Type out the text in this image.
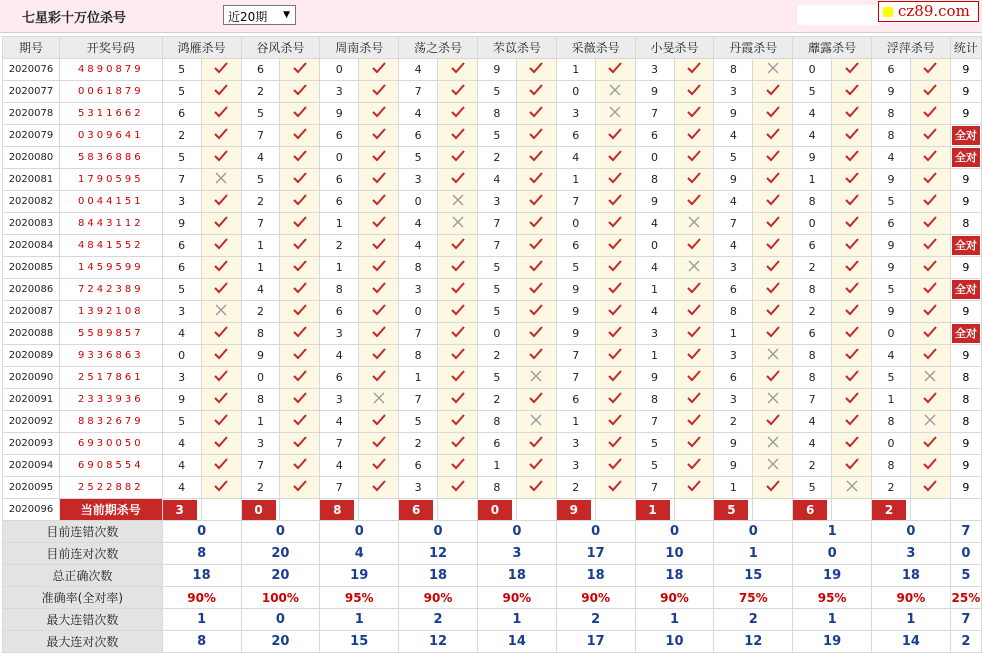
七星彩十万位杀号	近20期 ▼	cz89.com
期号	开奖号码	鸿雁杀号		谷风杀号		周南杀号		荡之杀号		芣苡杀号		采薇杀号		小旻杀号		丹霞杀号		蘼露杀号		浮萍杀号		统计
2020076	4890879	5		6		0		4		9		1		3		8		0		6		9
2020077	0061879	5		2		3		7		5		0		9		3		5		9		9
2020078	5311662	6		5		9		4		8		3		7		9		4		8		9
2020079	0309641	2		7		6		6		5		6		6		4		4		8		全对
2020080	5836886	5		4		0		5		2		4		0		5		9		4		全对
2020081	1790595	7		5		6		3		4		1		8		9		1		9		9
2020082	0044151	3		2		6		0		3		7		9		4		8		5		9
2020083	8443112	9		7		1		4		7		0		4		7		0		6		8
2020084	4841552	6		1		2		4		7		6		0		4		6		9		全对
2020085	1459599	6		1		1		8		5		5		4		3		2		9		9
2020086	7242389	5		4		8		3		5		9		1		6		8		5		全对
2020087	1392108	3		2		6		0		5		9		4		8		2		9		9
2020088	5589857	4		8		3		7		0		9		3		1		6		0		全对
2020089	9336863	0		9		4		8		2		7		1		3		8		4		9
2020090	2517861	3		0		6		1		5		7		9		6		8		5		8
2020091	2333936	9		8		3		7		2		6		8		3		7		1		8
2020092	8832679	5		1		4		5		8		1		7		2		4		8		8
2020093	6930050	4		3		7		2		6		3		5		9		4		0		9
2020094	6908554	4		7		4		6		1		3		5		9		2		8		9
2020095	2522882	4		2		7		3		8		2		7		1		5		2		9
2020096	当前期杀号	3		0		8		6		0		9		1		5		6		2		

目前连错次数		0		0		0		0		0		0		0		0		1		0		7
目前连对次数		8		20		4		12		3		17		10		1		0		3		0
总正确次数		18		20		19		18		18		18		18		15		19		18		5
准确率(全对率)		90%		100%		95%		90%		90%		90%		90%		75%		95%		90%		25%
最大连错次数		1		0		1		2		1		2		1		2		1		1		7
最大连对次数		8		20		15		12		14		17		10		12		19		14		2
